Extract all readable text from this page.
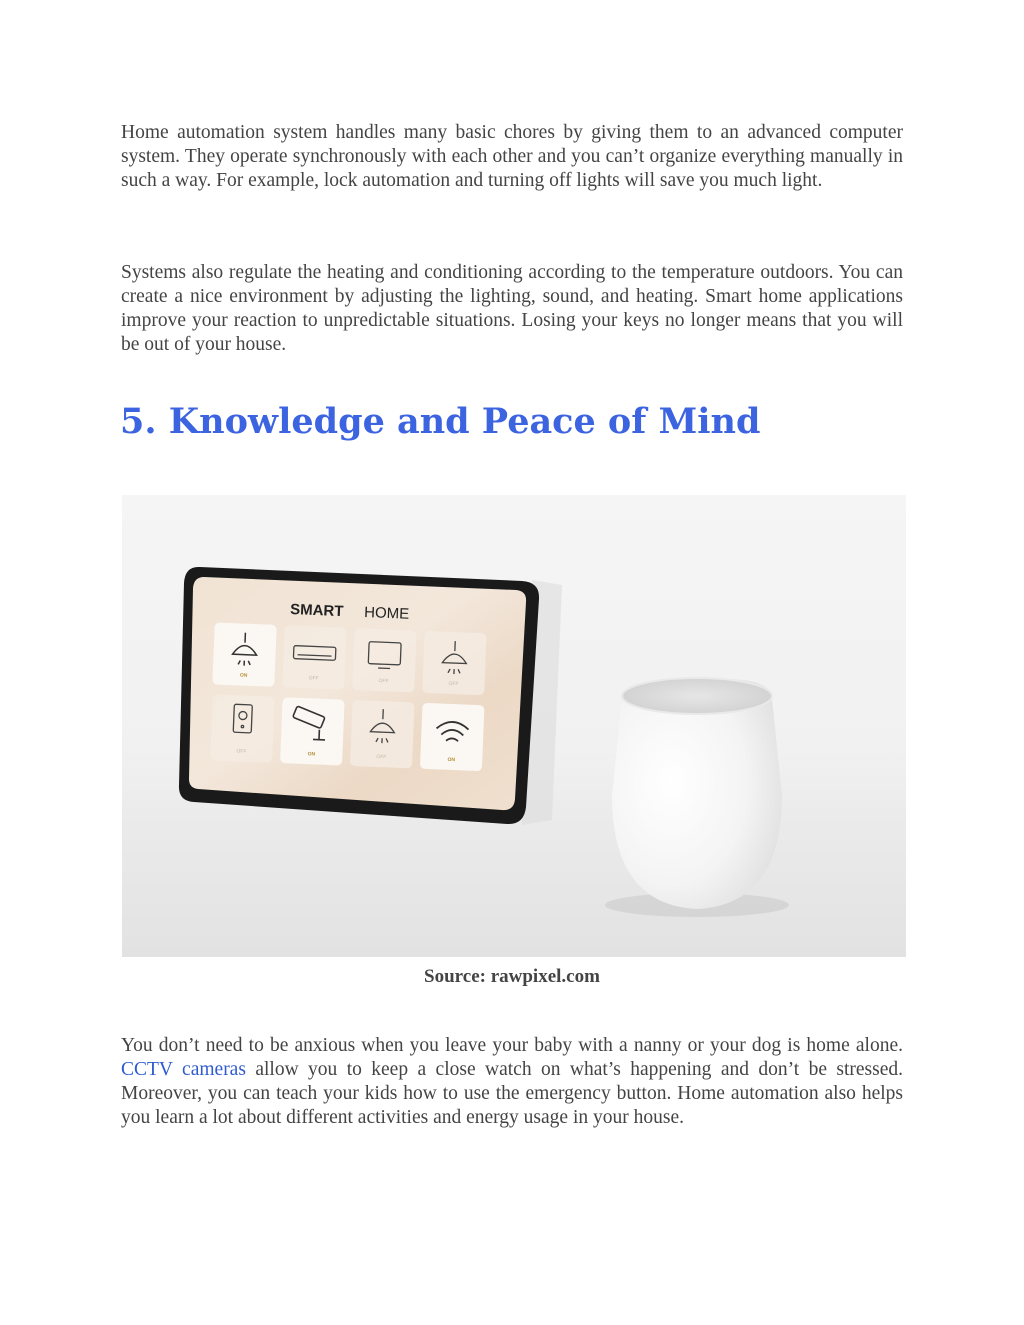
Home automation system handles many basic chores by giving them to an advanced computer system. They operate synchronously with each other and you can’t organize everything manually in such a way. For example, lock automation and turning off lights will save you much light.

Systems also regulate the heating and conditioning according to the temperature outdoors. You can create a nice environment by adjusting the lighting, sound, and heating. Smart home applications improve your reaction to unpredictable situations. Losing your keys no longer means that you will be out of your house.

5. Knowledge and Peace of Mind
SMART HOME
ON	OFF	OFF	OFF
OFF	ON	OFF	ON
Source: rawpixel.com

You don’t need to be anxious when you leave your baby with a nanny or your dog is home alone. CCTV cameras allow you to keep a close watch on what’s happening and don’t be stressed. Moreover, you can teach your kids how to use the emergency button. Home automation also helps you learn a lot about different activities and energy usage in your house.
